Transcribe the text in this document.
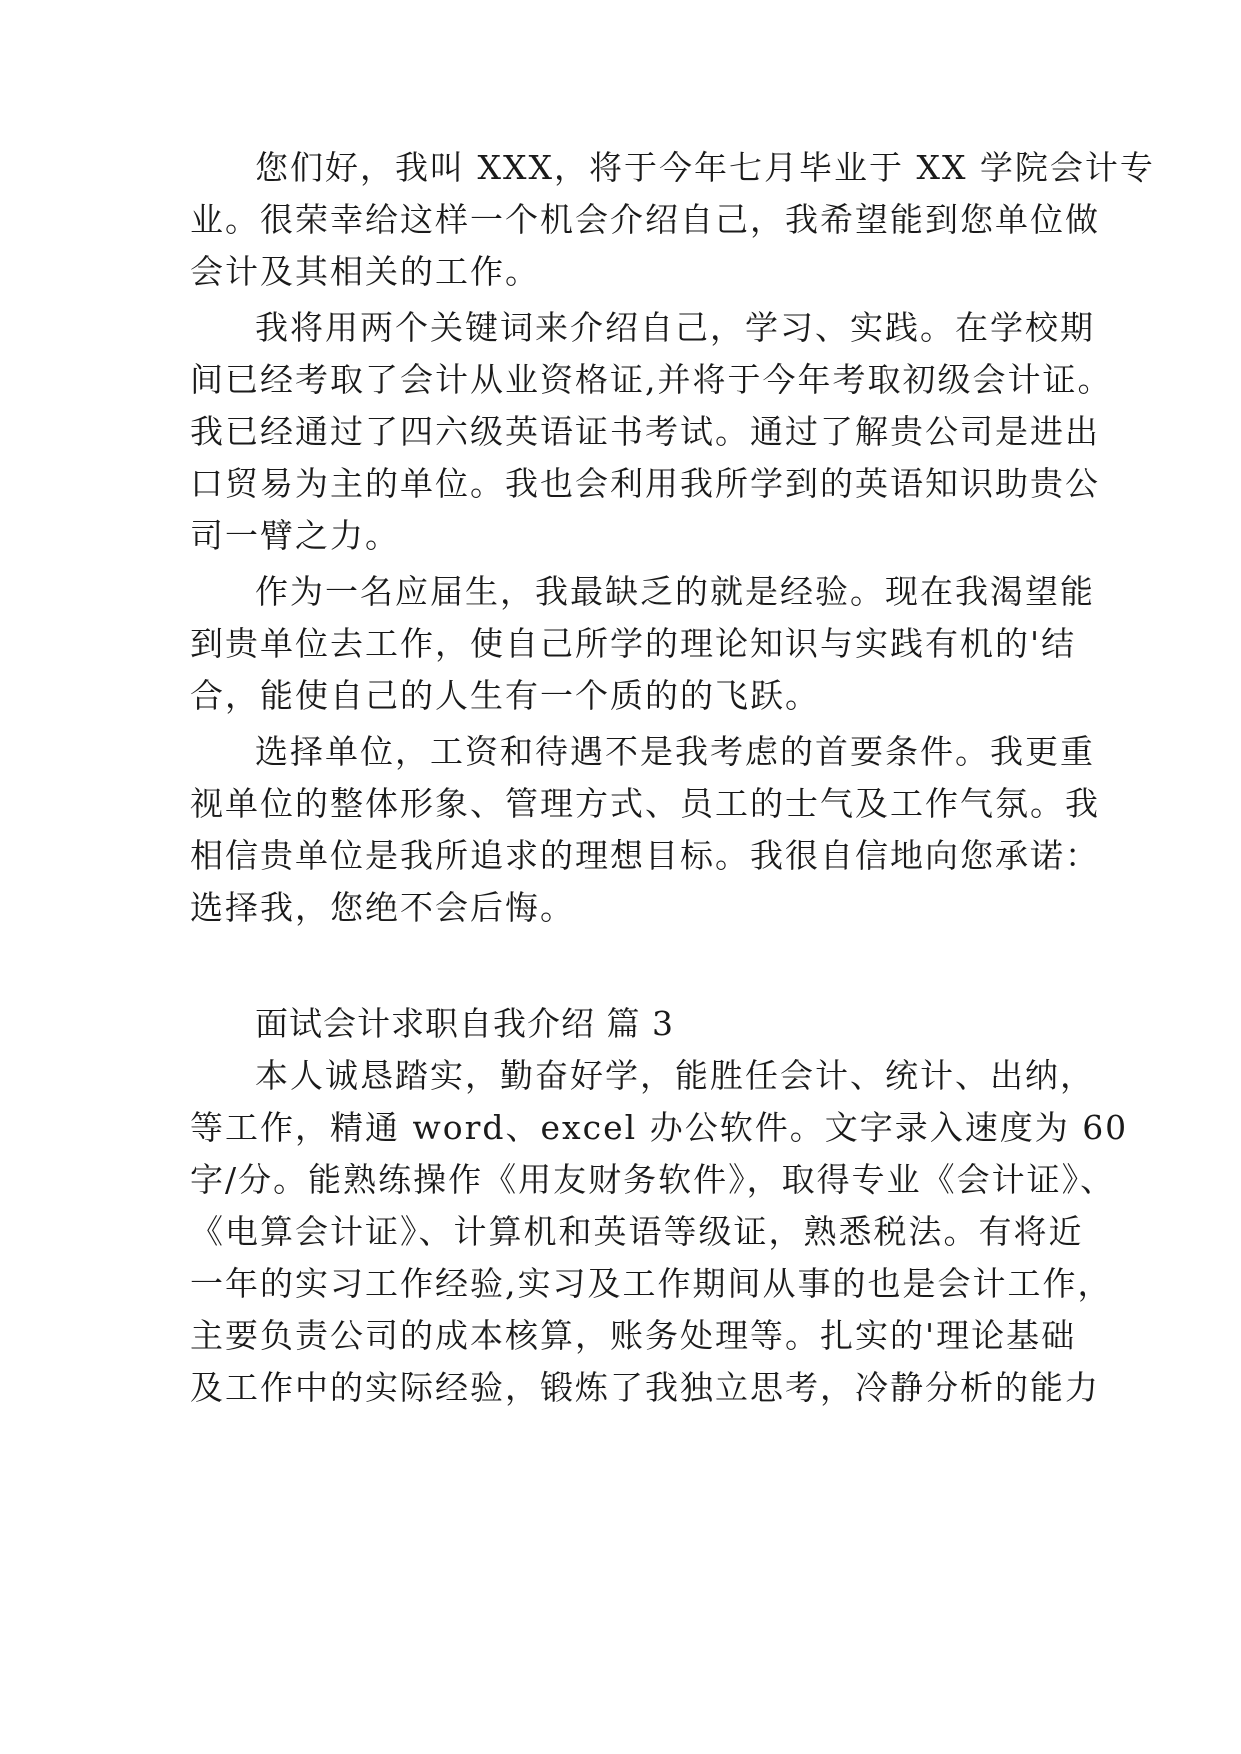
您们好，我叫 XXX，将于今年七月毕业于 XX 学院会计专
业。很荣幸给这样一个机会介绍自己，我希望能到您单位做
会计及其相关的工作。
我将用两个关键词来介绍自己，学习、实践。在学校期
间已经考取了会计从业资格证,并将于今年考取初级会计证。
我已经通过了四六级英语证书考试。通过了解贵公司是进出
口贸易为主的单位。我也会利用我所学到的英语知识助贵公
司一臂之力。
作为一名应届生，我最缺乏的就是经验。现在我渴望能
到贵单位去工作，使自己所学的理论知识与实践有机的'结
合，能使自己的人生有一个质的的飞跃。
选择单位，工资和待遇不是我考虑的首要条件。我更重
视单位的整体形象、管理方式、员工的士气及工作气氛。我
相信贵单位是我所追求的理想目标。我很自信地向您承诺：
选择我，您绝不会后悔。
面试会计求职自我介绍 篇 3
本人诚恳踏实，勤奋好学，能胜任会计、统计、出纳，
等工作，精通 word、excel 办公软件。文字录入速度为 60
字/分。能熟练操作《用友财务软件》，取得专业《会计证》、
《电算会计证》、计算机和英语等级证，熟悉税法。有将近
一年的实习工作经验,实习及工作期间从事的也是会计工作，
主要负责公司的成本核算，账务处理等。扎实的'理论基础
及工作中的实际经验，锻炼了我独立思考，冷静分析的能力
